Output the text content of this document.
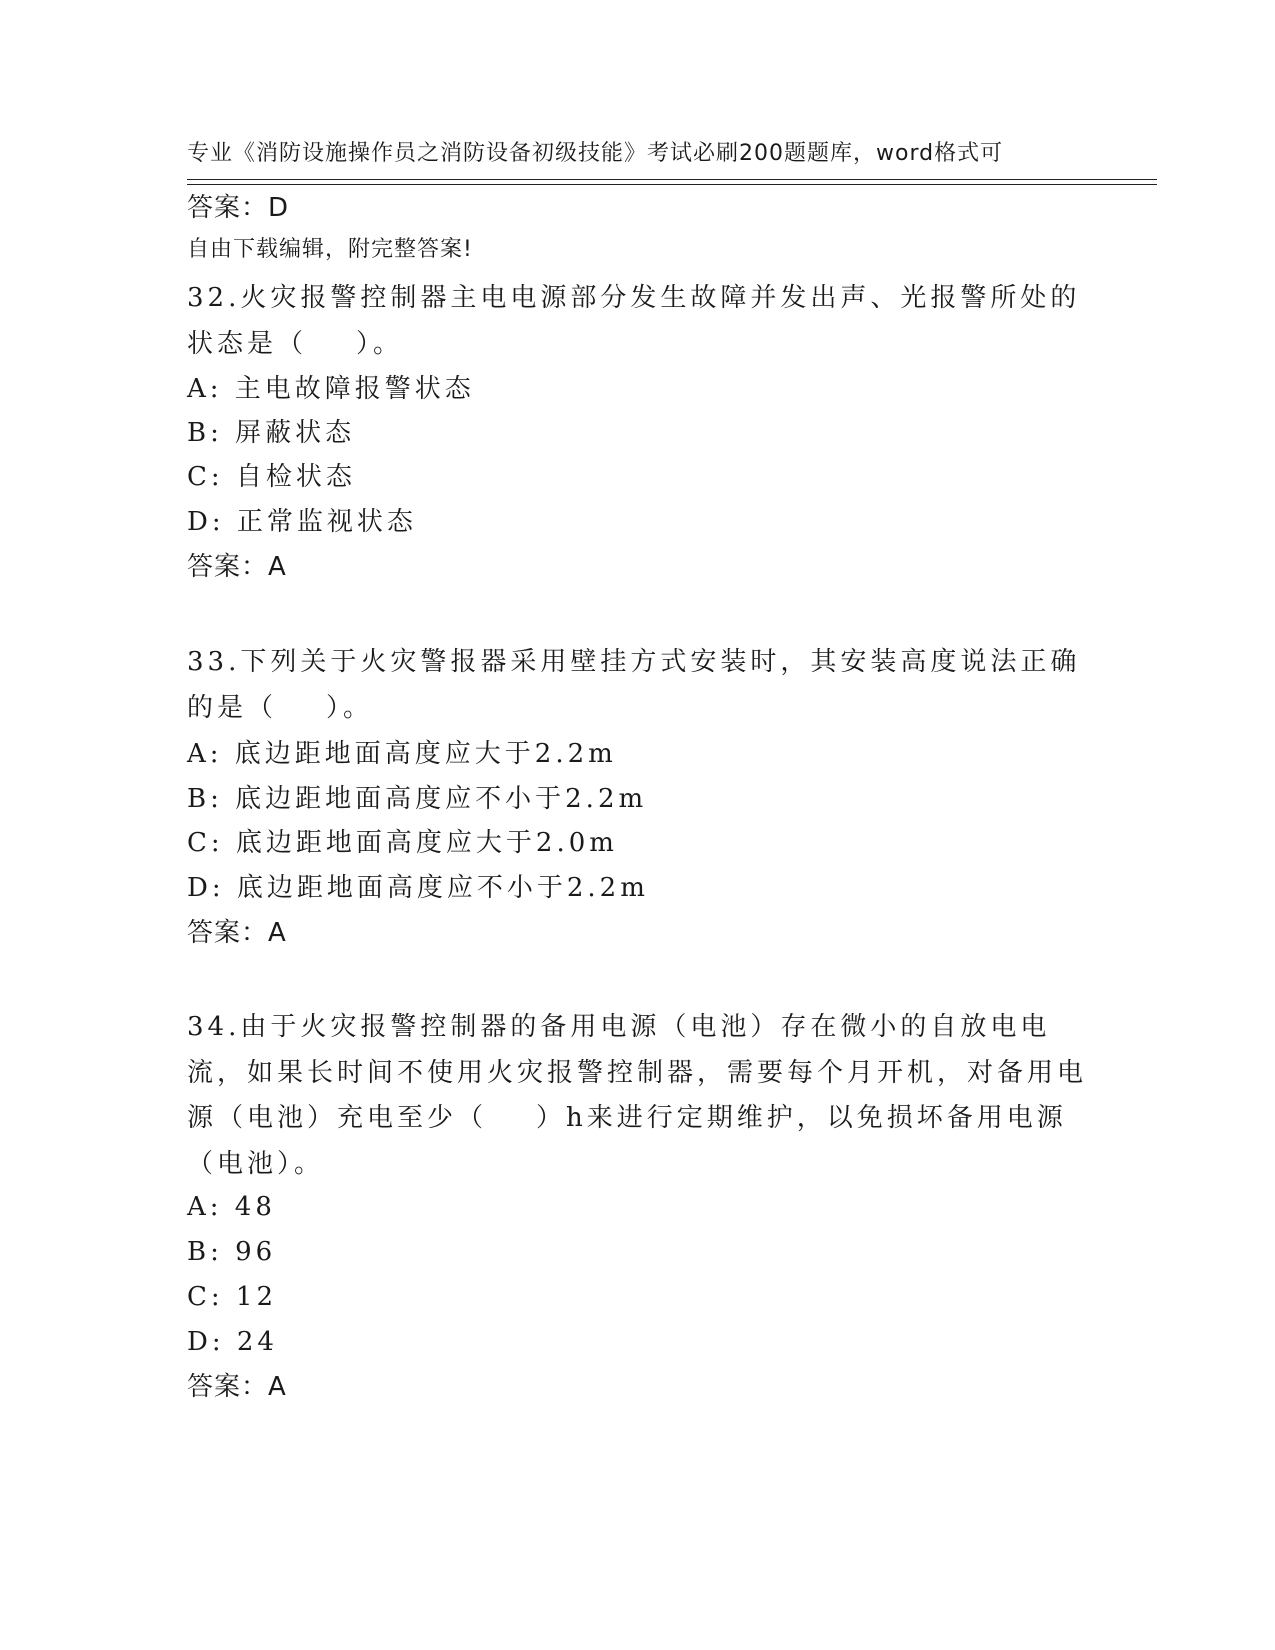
专业《消防设施操作员之消防设备初级技能》考试必刷200题题库，word格式可

自由下载编辑，附完整答案!

答案：D

32.火灾报警控制器主电电源部分发生故障并发出声、光报警所处的状态是（    ）。

A: 主电故障报警状态
B: 屏蔽状态
C: 自检状态
D: 正常监视状态
答案：A

33.下列关于火灾警报器采用壁挂方式安装时，其安装高度说法正确的是（    ）。

A: 底边距地面高度应大于2.2m
B: 底边距地面高度应不小于2.2m
C: 底边距地面高度应大于2.0m
D: 底边距地面高度应不小于2.2m
答案：A

34.由于火灾报警控制器的备用电源（电池）存在微小的自放电电流，如果长时间不使用火灾报警控制器，需要每个月开机，对备用电源（电池）充电至少（    ）h来进行定期维护，以免损坏备用电源（电池）。

A: 48
B: 96
C: 12
D: 24
答案：A
